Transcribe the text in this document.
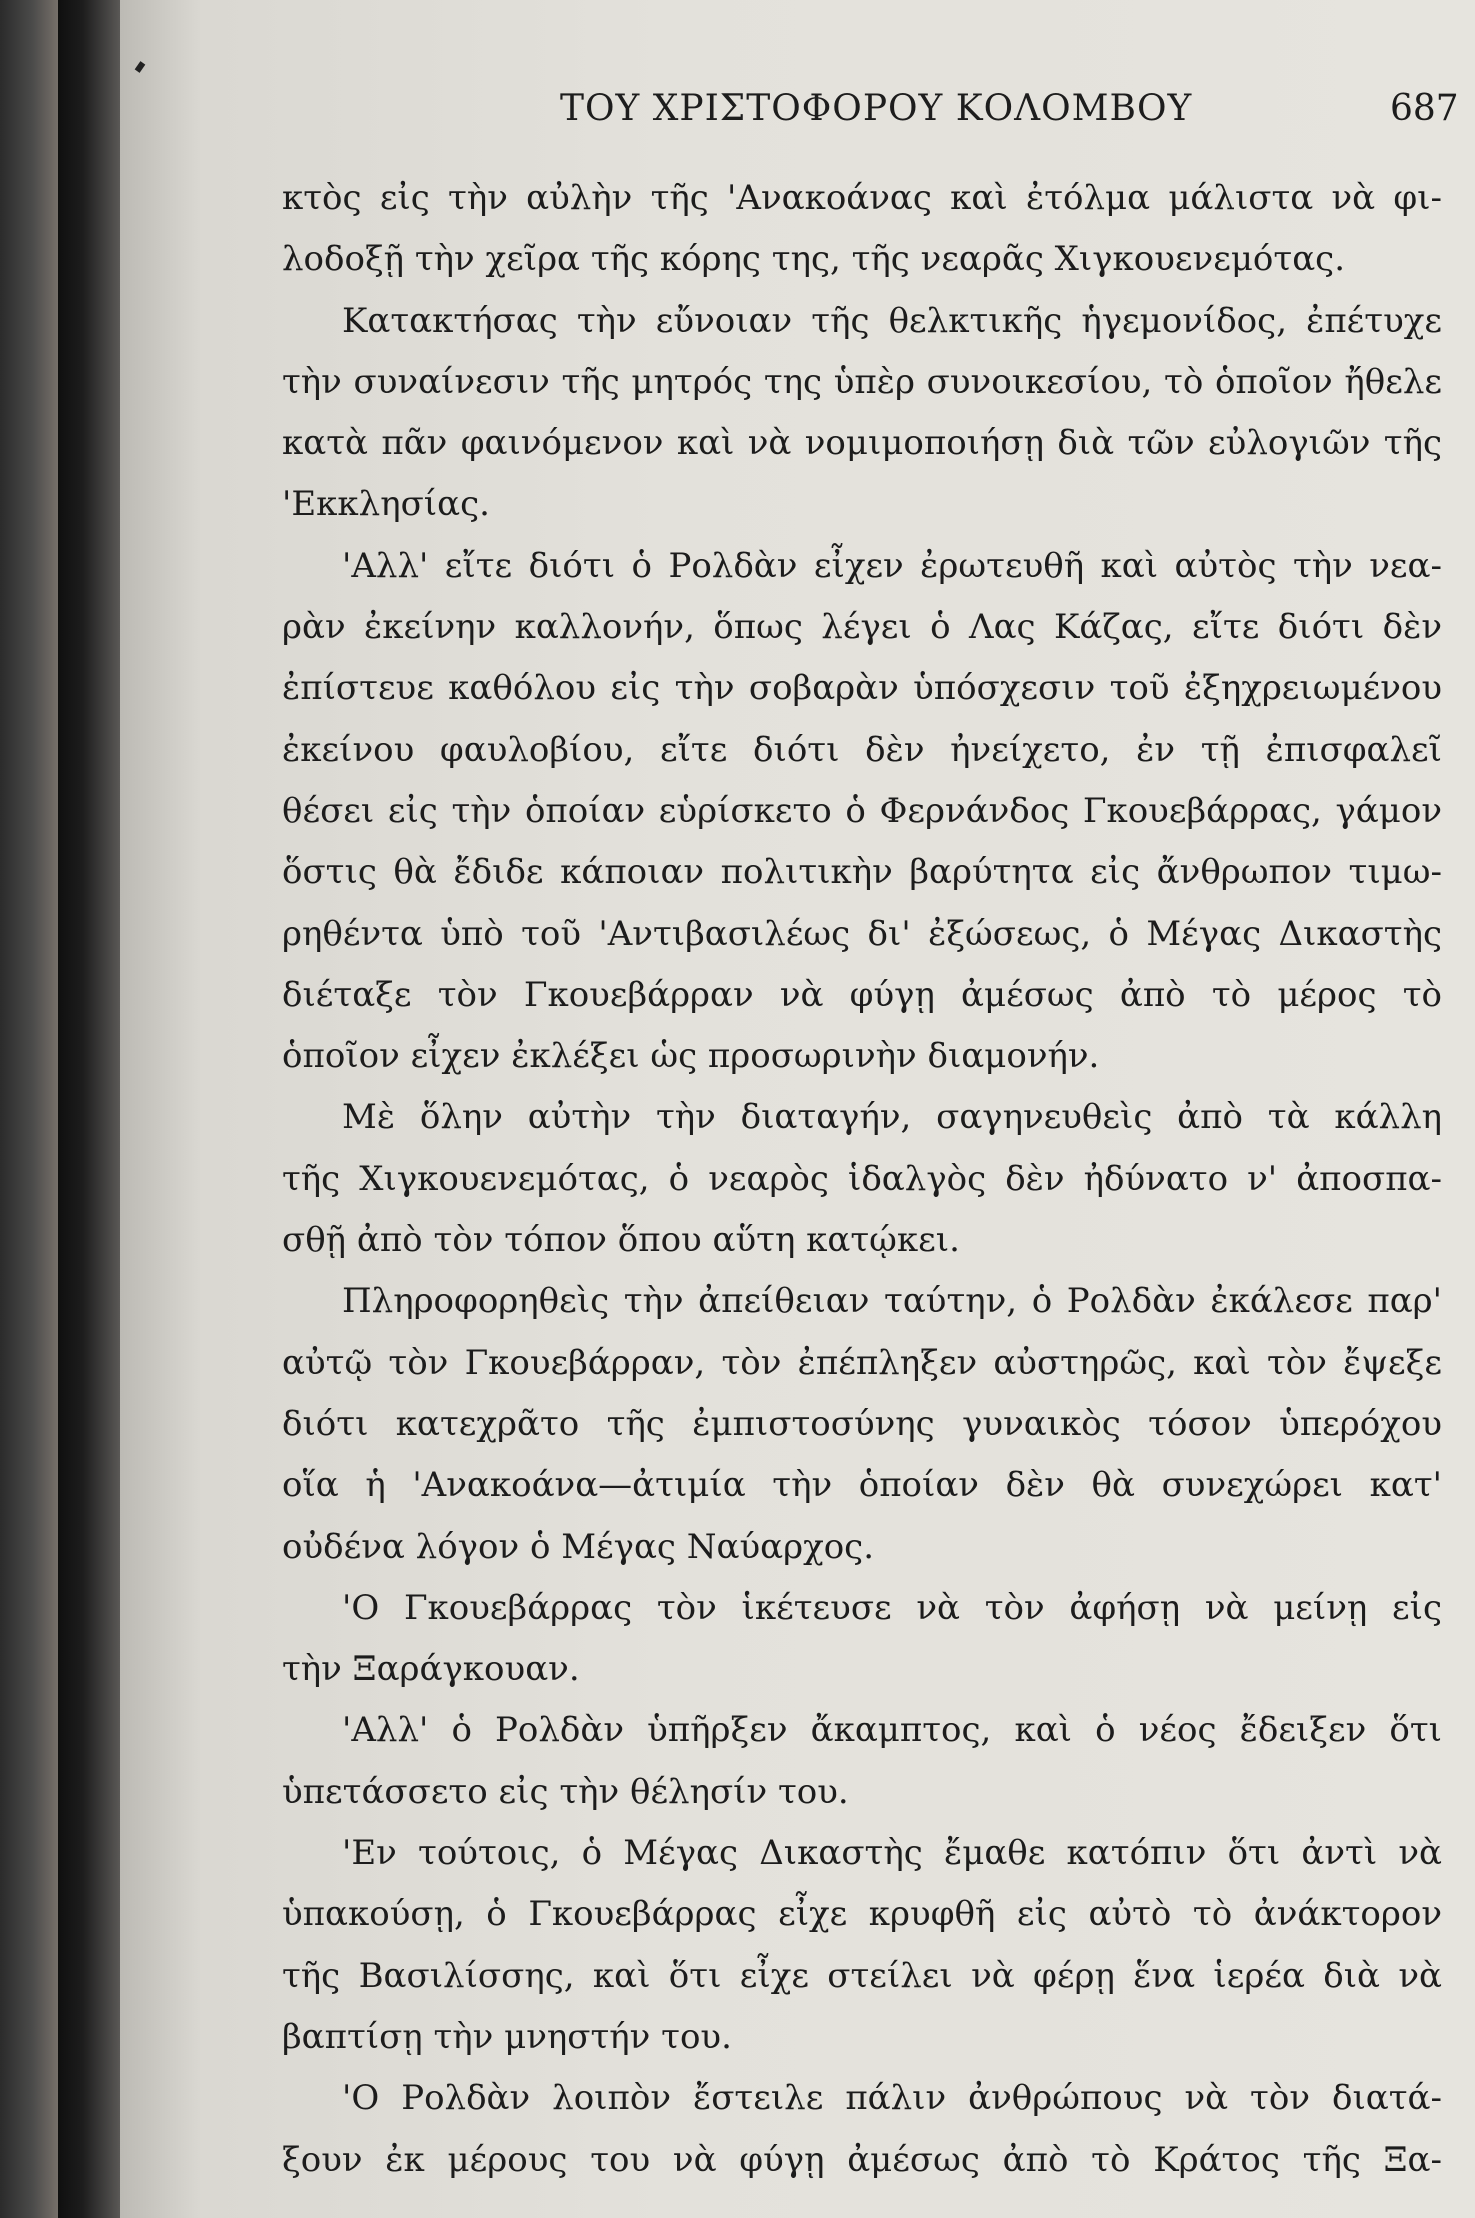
ΤΟΥ ΧΡΙΣΤΟΦΟΡΟΥ ΚΟΛΟΜΒΟΥ	687
κτὸς εἰς τὴν αὐλὴν τῆς 'Ανακοάνας καὶ ἐτόλμα μάλιστα νὰ φι-
λοδοξῇ τὴν χεῖρα τῆς κόρης της, τῆς νεαρᾶς Χιγκουενεμότας.
Κατακτήσας τὴν εὔνοιαν τῆς θελκτικῆς ἡγεμονίδος, ἐπέτυχε
τὴν συναίνεσιν τῆς μητρός της ὑπὲρ συνοικεσίου, τὸ ὁποῖον ἤθελε
κατὰ πᾶν φαινόμενον καὶ νὰ νομιμοποιήσῃ διὰ τῶν εὐλογιῶν τῆς
'Εκκλησίας.
'Αλλ' εἴτε διότι ὁ Ρολδὰν εἶχεν ἐρωτευθῆ καὶ αὐτὸς τὴν νεα-
ρὰν ἐκείνην καλλονήν, ὅπως λέγει ὁ Λας Κάζας, εἴτε διότι δὲν
ἐπίστευε καθόλου εἰς τὴν σοβαρὰν ὑπόσχεσιν τοῦ ἐξηχρειωμένου
ἐκείνου φαυλοβίου, εἴτε διότι δὲν ἠνείχετο, ἐν τῇ ἐπισφαλεῖ
θέσει εἰς τὴν ὁποίαν εὑρίσκετο ὁ Φερνάνδος Γκουεβάρρας, γάμον
ὅστις θὰ ἔδιδε κάποιαν πολιτικὴν βαρύτητα εἰς ἄνθρωπον τιμω-
ρηθέντα ὑπὸ τοῦ 'Αντιβασιλέως δι' ἐξώσεως, ὁ Μέγας Δικαστὴς
διέταξε τὸν Γκουεβάρραν νὰ φύγῃ ἀμέσως ἀπὸ τὸ μέρος τὸ
ὁποῖον εἶχεν ἐκλέξει ὡς προσωρινὴν διαμονήν.
Μὲ ὅλην αὐτὴν τὴν διαταγήν, σαγηνευθεὶς ἀπὸ τὰ κάλλη
τῆς Χιγκουενεμότας, ὁ νεαρὸς ἱδαλγὸς δὲν ἠδύνατο ν' ἀποσπα-
σθῇ ἀπὸ τὸν τόπον ὅπου αὕτη κατῴκει.
Πληροφορηθεὶς τὴν ἀπείθειαν ταύτην, ὁ Ρολδὰν ἐκάλεσε παρ'
αὐτῷ τὸν Γκουεβάρραν, τὸν ἐπέπληξεν αὐστηρῶς, καὶ τὸν ἔψεξε
διότι κατεχρᾶτο τῆς ἐμπιστοσύνης γυναικὸς τόσον ὑπερόχου
οἵα ἡ 'Ανακοάνα—ἀτιμία τὴν ὁποίαν δὲν θὰ συνεχώρει κατ'
οὐδένα λόγον ὁ Μέγας Ναύαρχος.
'Ο Γκουεβάρρας τὸν ἱκέτευσε νὰ τὸν ἀφήσῃ νὰ μείνῃ εἰς
τὴν Ξαράγκουαν.
'Αλλ' ὁ Ρολδὰν ὑπῆρξεν ἄκαμπτος, καὶ ὁ νέος ἔδειξεν ὅτι
ὑπετάσσετο εἰς τὴν θέλησίν του.
'Εν τούτοις, ὁ Μέγας Δικαστὴς ἔμαθε κατόπιν ὅτι ἀντὶ νὰ
ὑπακούσῃ, ὁ Γκουεβάρρας εἶχε κρυφθῆ εἰς αὐτὸ τὸ ἀνάκτορον
τῆς Βασιλίσσης, καὶ ὅτι εἶχε στείλει νὰ φέρῃ ἕνα ἱερέα διὰ νὰ
βαπτίσῃ τὴν μνηστήν του.
'Ο Ρολδὰν λοιπὸν ἔστειλε πάλιν ἀνθρώπους νὰ τὸν διατά-
ξουν ἐκ μέρους του νὰ φύγῃ ἀμέσως ἀπὸ τὸ Κράτος τῆς Ξα-
